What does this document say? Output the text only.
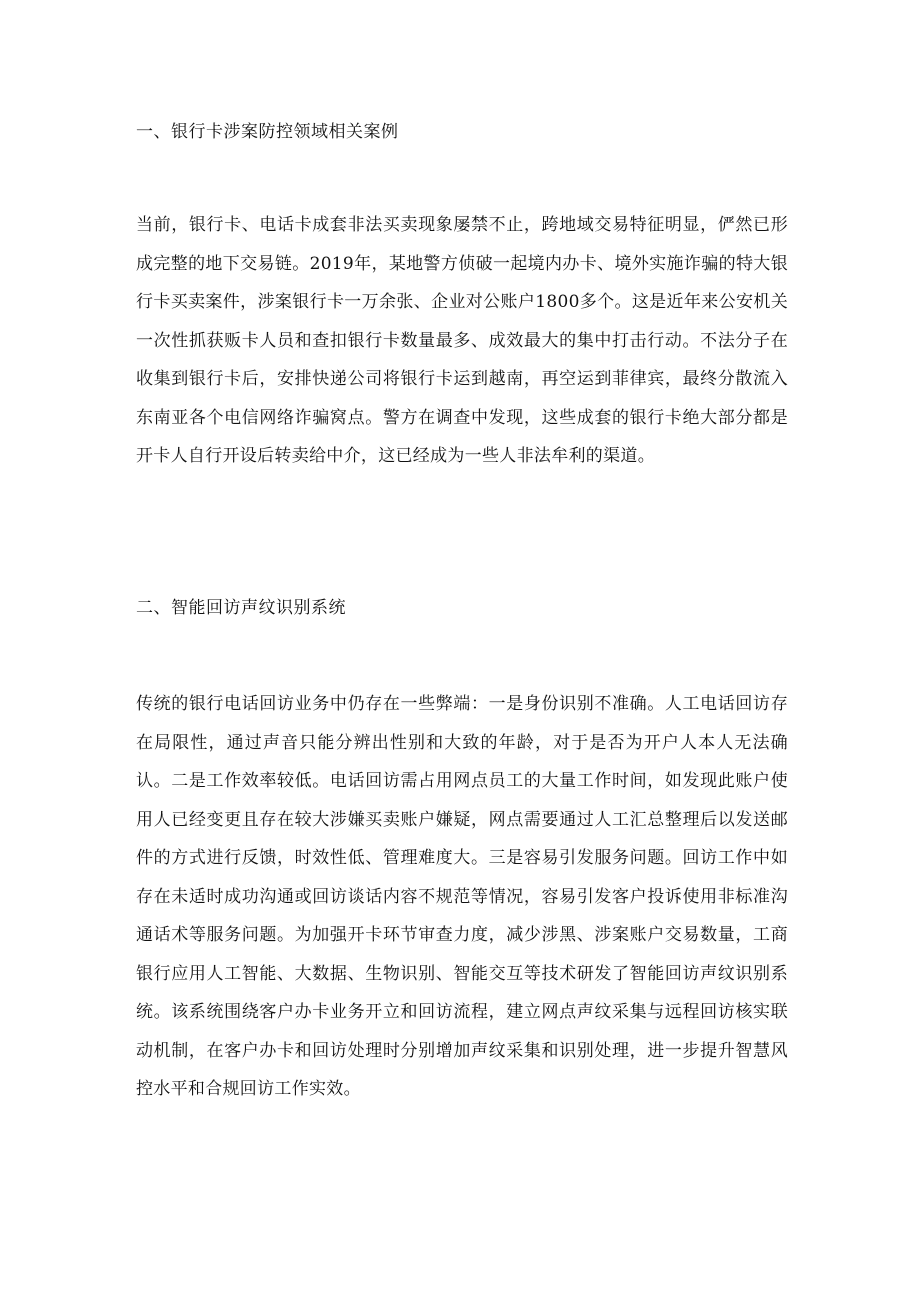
一、银行卡涉案防控领域相关案例

当前，银行卡、电话卡成套非法买卖现象屡禁不止，跨地域交易特征明显，俨然已形成完整的地下交易链。2019年，某地警方侦破一起境内办卡、境外实施诈骗的特大银行卡买卖案件，涉案银行卡一万余张、企业对公账户1800多个。这是近年来公安机关一次性抓获贩卡人员和查扣银行卡数量最多、成效最大的集中打击行动。不法分子在收集到银行卡后，安排快递公司将银行卡运到越南，再空运到菲律宾，最终分散流入东南亚各个电信网络诈骗窝点。警方在调查中发现，这些成套的银行卡绝大部分都是开卡人自行开设后转卖给中介，这已经成为一些人非法牟利的渠道。

二、智能回访声纹识别系统

传统的银行电话回访业务中仍存在一些弊端：一是身份识别不准确。人工电话回访存在局限性，通过声音只能分辨出性别和大致的年龄，对于是否为开户人本人无法确认。二是工作效率较低。电话回访需占用网点员工的大量工作时间，如发现此账户使用人已经变更且存在较大涉嫌买卖账户嫌疑，网点需要通过人工汇总整理后以发送邮件的方式进行反馈，时效性低、管理难度大。三是容易引发服务问题。回访工作中如存在未适时成功沟通或回访谈话内容不规范等情况，容易引发客户投诉使用非标准沟通话术等服务问题。为加强开卡环节审查力度，减少涉黑、涉案账户交易数量，工商银行应用人工智能、大数据、生物识别、智能交互等技术研发了智能回访声纹识别系统。该系统围绕客户办卡业务开立和回访流程，建立网点声纹采集与远程回访核实联动机制，在客户办卡和回访处理时分别增加声纹采集和识别处理，进一步提升智慧风控水平和合规回访工作实效。
